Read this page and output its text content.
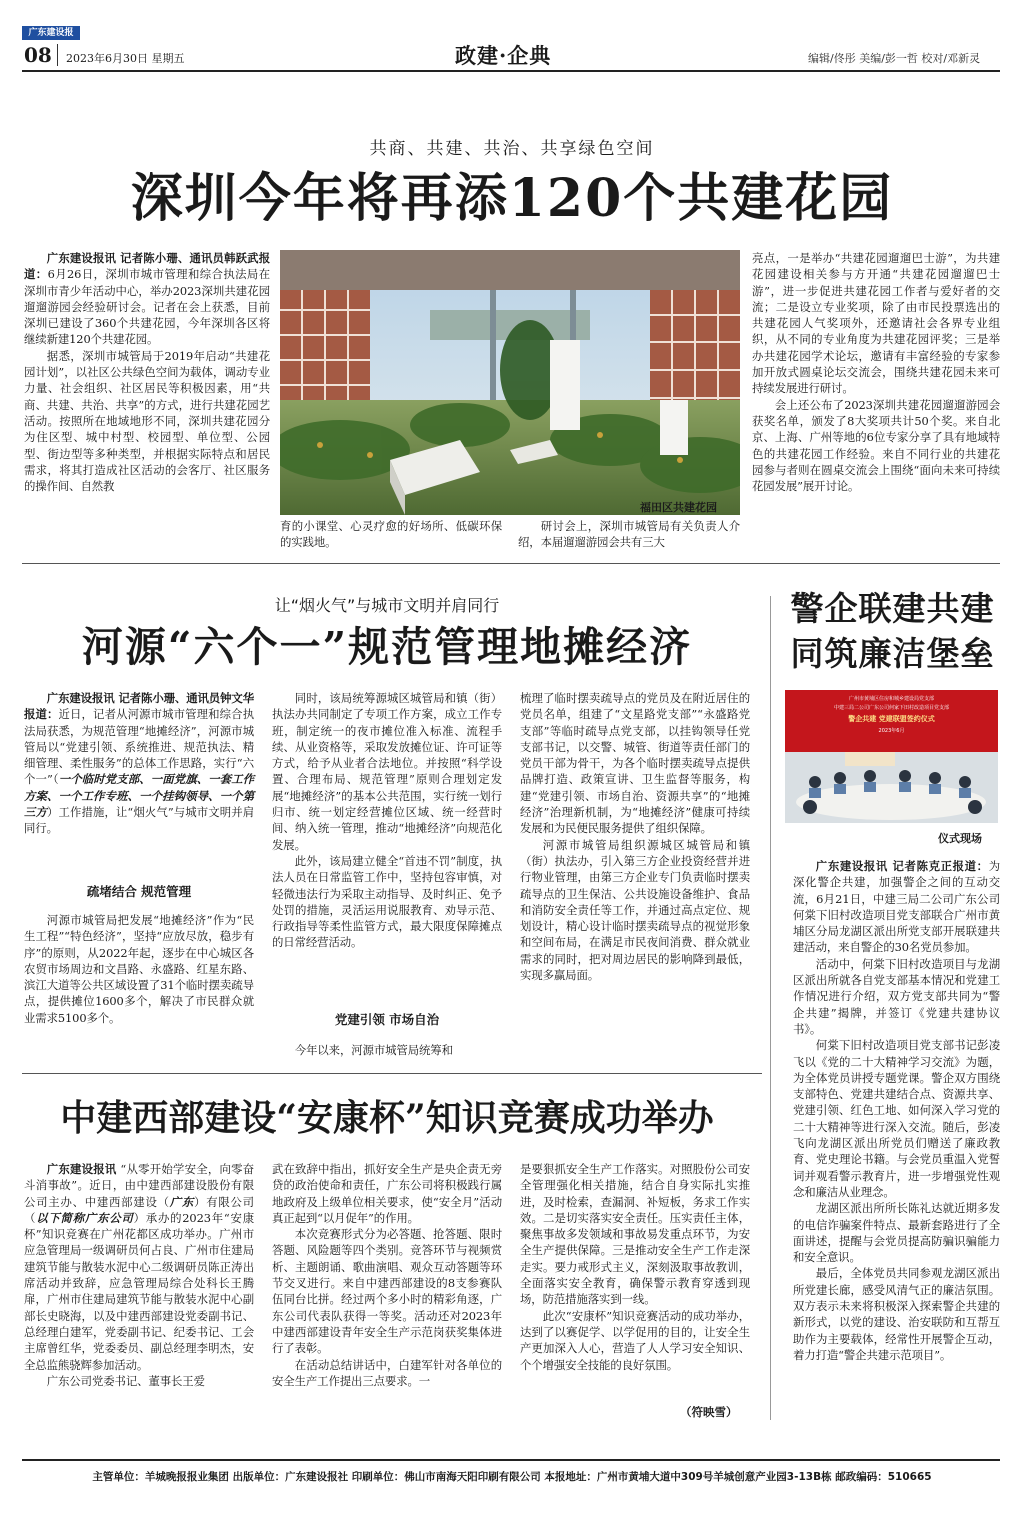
广东建设报
08 2023年6月30日 星期五	政建·企典	编辑/佟彤 美编/彭一哲 校对/邓新灵
共商、共建、共治、共享绿色空间
深圳今年将再添120个共建花园

广东建设报讯 记者陈小珊、通讯员韩跃武报道：6月26日，深圳市城市管理和综合执法局在深圳市青少年活动中心，举办2023深圳共建花园遛遛游园会经验研讨会。记者在会上获悉，目前深圳已建设了360个共建花园，今年深圳各区将继续新建120个共建花园。

据悉，深圳市城管局于2019年启动“共建花园计划”，以社区公共绿色空间为载体，调动专业力量、社会组织、社区居民等积极因素，用“共商、共建、共治、共享”的方式，进行共建花园艺活动。按照所在地域地形不同，深圳共建花园分为住区型、城中村型、校园型、单位型、公园型、街边型等多种类型，并根据实际特点和居民需求，将其打造成社区活动的会客厅、社区服务的操作间、自然教

福田区共建花园
育的小课堂、心灵疗愈的好场所、低碳环保的实践地。
研讨会上，深圳市城管局有关负责人介绍，本届遛遛游园会共有三大

亮点，一是举办“共建花园遛遛巴士游”，为共建花园建设相关参与方开通“共建花园遛遛巴士游”，进一步促进共建花园工作者与爱好者的交流；二是设立专业奖项，除了由市民投票选出的共建花园人气奖项外，还邀请社会各界专业组织，从不同的专业角度为共建花园评奖；三是举办共建花园学术论坛，邀请有丰富经验的专家参加开放式圆桌论坛交流会，围绕共建花园未来可持续发展进行研讨。

会上还公布了2023深圳共建花园遛遛游园会获奖名单，颁发了8大奖项共计50个奖。来自北京、上海、广州等地的6位专家分享了具有地域特色的共建花园工作经验。来自不同行业的共建花园参与者则在圆桌交流会上围绕“面向未来可持续花园发展”展开讨论。

让“烟火气”与城市文明并肩同行
河源“六个一”规范管理地摊经济

广东建设报讯 记者陈小珊、通讯员钟文华报道：近日，记者从河源市城市管理和综合执法局获悉，为规范管理“地摊经济”，河源市城管局以“党建引领、系统推进、规范执法、精细管理、柔性服务”的总体工作思路，实行“六个一”（一个临时党支部、一面党旗、一套工作方案、一个工作专班、一个挂钩领导、一个第三方）工作措施，让“烟火气”与城市文明并肩同行。

疏堵结合 规范管理
河源市城管局把发展“地摊经济”作为“民生工程”“特色经济”，坚持“应放尽放，稳步有序”的原则，从2022年起，逐步在中心城区各农贸市场周边和文昌路、永盛路、红星东路、滨江大道等公共区域设置了31个临时摆卖疏导点，提供摊位1600多个，解决了市民群众就业需求5100多个。

同时，该局统筹源城区城管局和镇（街）执法办共同制定了专项工作方案，成立工作专班，制定统一的夜市摊位准入标准、流程手续、从业资格等，采取发放摊位证、许可证等方式，给予从业者合法地位。并按照“科学设置、合理布局、规范管理”原则合理划定发展“地摊经济”的基本公共范围，实行统一划行归市、统一划定经营摊位区域、统一经营时间、纳入统一管理，推动“地摊经济”向规范化发展。

此外，该局建立健全“首违不罚”制度，执法人员在日常监管工作中，坚持包容审慎，对轻微违法行为采取主动指导、及时纠正、免予处罚的措施，灵活运用说服教育、劝导示范、行政指导等柔性监管方式，最大限度保障摊点的日常经营活动。

党建引领 市场自治
今年以来，河源市城管局统筹和

梳理了临时摆卖疏导点的党员及在附近居住的党员名单，组建了“文星路党支部”“永盛路党支部”等临时疏导点党支部，以挂钩领导任党支部书记，以交警、城管、街道等责任部门的党员干部为骨干，为各个临时摆卖疏导点提供品牌打造、政策宣讲、卫生监督等服务，构建“党建引领、市场自治、资源共享”的“地摊经济”治理新机制，为“地摊经济”健康可持续发展和为民便民服务提供了组织保障。

河源市城管局组织源城区城管局和镇（街）执法办，引入第三方企业投资经营并进行物业管理，由第三方企业专门负责临时摆卖疏导点的卫生保洁、公共设施设备维护、食品和消防安全责任等工作，并通过高点定位、规划设计，精心设计临时摆卖疏导点的视觉形象和空间布局，在满足市民夜间消费、群众就业需求的同时，把对周边居民的影响降到最低，实现多赢局面。

警企联建共建
同筑廉洁堡垒
广州市黄埔区住房和城乡建设局党支部
中建三局二公司广东公司何家下田村改造项目党支部
警企共建 党建联盟签约仪式
2023年6月
仪式现场

广东建设报讯 记者陈克正报道：为深化警企共建，加强警企之间的互动交流，6月21日，中建三局二公司广东公司何棠下旧村改造项目党支部联合广州市黄埔区分局龙湖区派出所党支部开展联建共建活动，来自警企的30名党员参加。

活动中，何棠下旧村改造项目与龙湖区派出所就各自党支部基本情况和党建工作情况进行介绍，双方党支部共同为“警企共建”揭牌，并签订《党建共建协议书》。

何棠下旧村改造项目党支部书记彭凌飞以《党的二十大精神学习交流》为题，为全体党员讲授专题党课。警企双方围绕支部特色、党建共建结合点、资源共享、党建引领、红色工地、如何深入学习党的二十大精神等进行深入交流。随后，彭凌飞向龙湖区派出所党员们赠送了廉政教育、党史理论书籍。与会党员重温入党誓词并观看警示教育片，进一步增强党性观念和廉洁从业理念。

龙湖区派出所所长陈礼达就近期多发的电信诈骗案件特点、最新套路进行了全面讲述，提醒与会党员提高防骗识骗能力和安全意识。

最后，全体党员共同参观龙湖区派出所党建长廊，感受风清气正的廉洁氛围。双方表示未来将积极深入探索警企共建的新形式，以党的建设、治安联防和互帮互助作为主要载体，经常性开展警企互动，着力打造“警企共建示范项目”。

中建西部建设“安康杯”知识竞赛成功举办

广东建设报讯 “从零开始学安全，向零奋斗消事故”。近日，由中建西部建设股份有限公司主办、中建西部建设（广东）有限公司（以下简称广东公司）承办的2023年“安康杯”知识竞赛在广州花都区成功举办。广州市应急管理局一级调研员何占良、广州市住建局建筑节能与散装水泥中心二级调研员陈正涛出席活动并致辞，应急管理局综合处科长王腾扉，广州市住建局建筑节能与散装水泥中心副部长史晓海，以及中建西部建设党委副书记、总经理白建军，党委副书记、纪委书记、工会主席曾红华，党委委员、副总经理李明杰，安全总监熊骁辉参加活动。

广东公司党委书记、董事长王爱

武在致辞中指出，抓好安全生产是央企责无旁贷的政治使命和责任，广东公司将积极践行属地政府及上级单位相关要求，使“安全月”活动真正起到“以月促年”的作用。

本次竞赛形式分为必答题、抢答题、限时答题、风险题等四个类别。竞答环节与视频赏析、主题朗诵、歌曲演唱、观众互动答题等环节交叉进行。来自中建西部建设的8支参赛队伍同台比拼。经过两个多小时的精彩角逐，广东公司代表队获得一等奖。活动还对2023年中建西部建设青年安全生产示范岗获奖集体进行了表彰。

在活动总结讲话中，白建军针对各单位的安全生产工作提出三点要求。一

是要狠抓安全生产工作落实。对照股份公司安全管理强化相关措施，结合自身实际扎实推进，及时检索，查漏洞、补短板，务求工作实效。二是切实落实安全责任。压实责任主体，聚焦事故多发领域和事故易发重点环节，为安全生产提供保障。三是推动安全生产工作走深走实。要力戒形式主义，深刻汲取事故教训，全面落实安全教育，确保警示教育穿透到现场，防范措施落实到一线。

此次“安康杯”知识竞赛活动的成功举办，达到了以赛促学、以学促用的目的，让安全生产更加深入人心，营造了人人学习安全知识、个个增强安全技能的良好氛围。

（符映雪）
主管单位：羊城晚报报业集团 出版单位：广东建设报社 印刷单位：佛山市南海天阳印刷有限公司 本报地址：广州市黄埔大道中309号羊城创意产业园3-13B栋 邮政编码：510665
